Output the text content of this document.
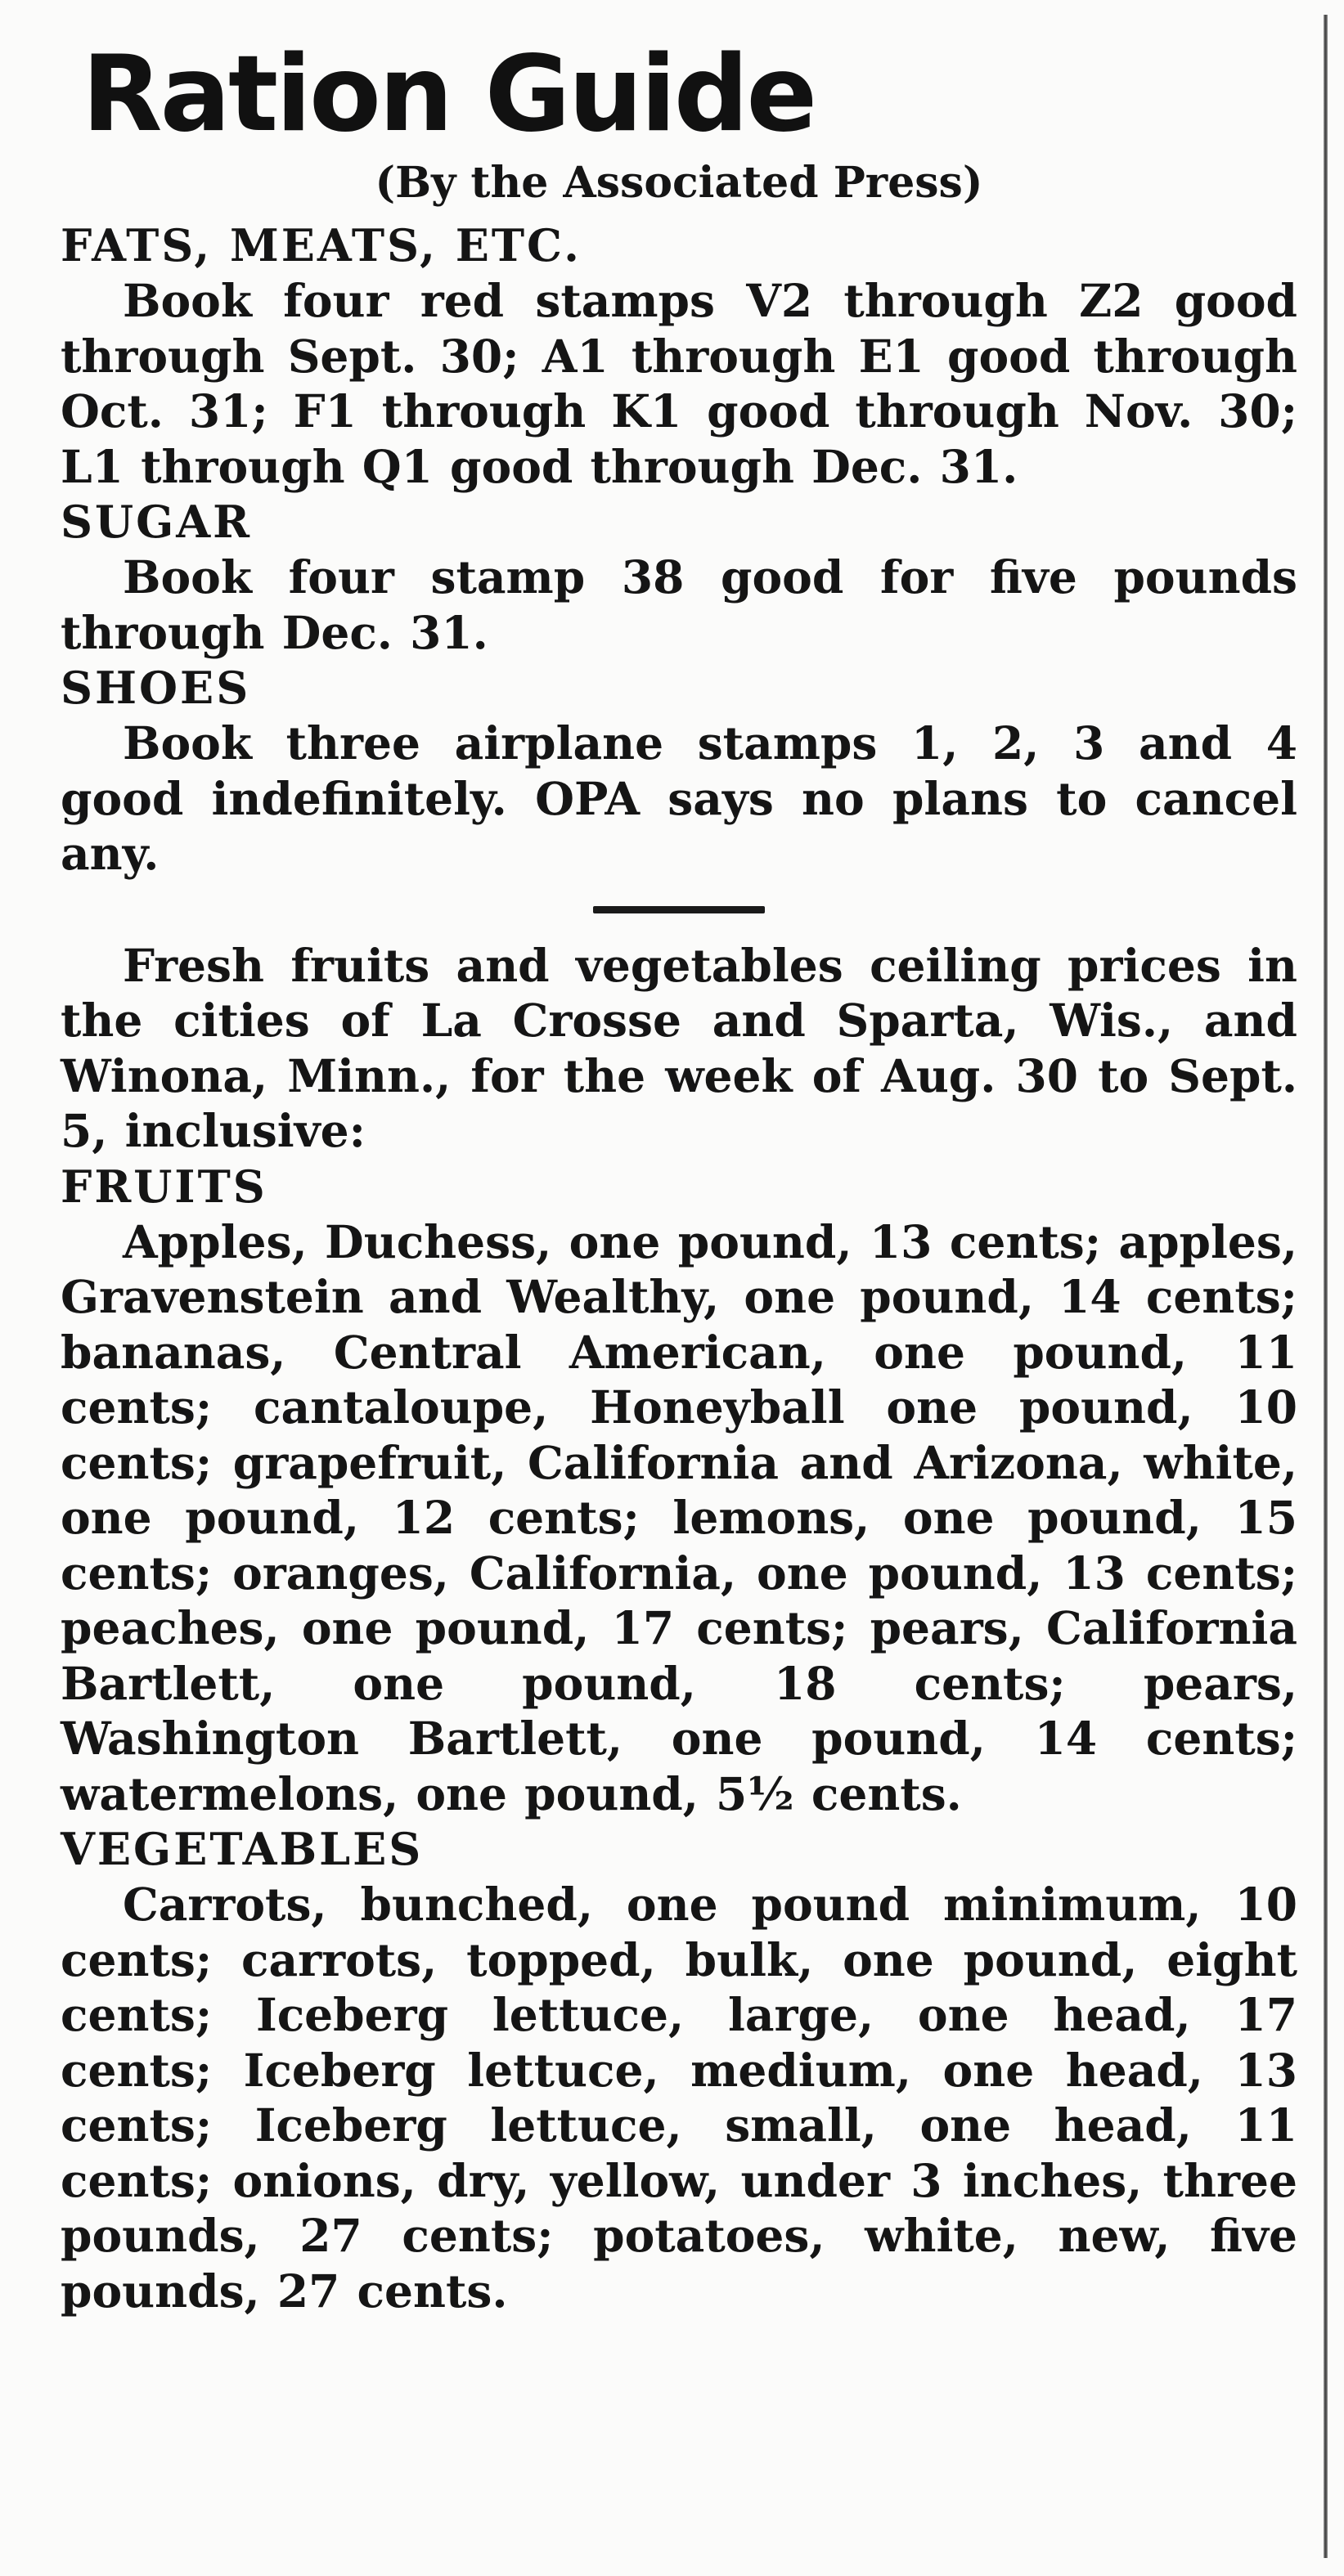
Ration Guide

(By the Associated Press)

FATS, MEATS, ETC.

Book four red stamps V2 through Z2 good through Sept. 30; A1 through E1 good through Oct. 31; F1 through K1 good through Nov. 30; L1 through Q1 good through Dec. 31.

SUGAR

Book four stamp 38 good for five pounds through Dec. 31.

SHOES

Book three airplane stamps 1, 2, 3 and 4 good indefinitely. OPA says no plans to cancel any.

Fresh fruits and vegetables ceiling prices in the cities of La Crosse and Sparta, Wis., and Winona, Minn., for the week of Aug. 30 to Sept. 5, inclusive:

FRUITS

Apples, Duchess, one pound, 13 cents; apples, Gravenstein and Wealthy, one pound, 14 cents; bananas, Central American, one pound, 11 cents; cantaloupe, Honeyball one pound, 10 cents; grapefruit, California and Arizona, white, one pound, 12 cents; lemons, one pound, 15 cents; oranges, California, one pound, 13 cents; peaches, one pound, 17 cents; pears, California Bartlett, one pound, 18 cents; pears, Washington Bartlett, one pound, 14 cents; watermelons, one pound, 5½ cents.

VEGETABLES

Carrots, bunched, one pound minimum, 10 cents; carrots, topped, bulk, one pound, eight cents; Iceberg lettuce, large, one head, 17 cents; Iceberg lettuce, medium, one head, 13 cents; Iceberg lettuce, small, one head, 11 cents; onions, dry, yellow, under 3 inches, three pounds, 27 cents; potatoes, white, new, five pounds, 27 cents.
